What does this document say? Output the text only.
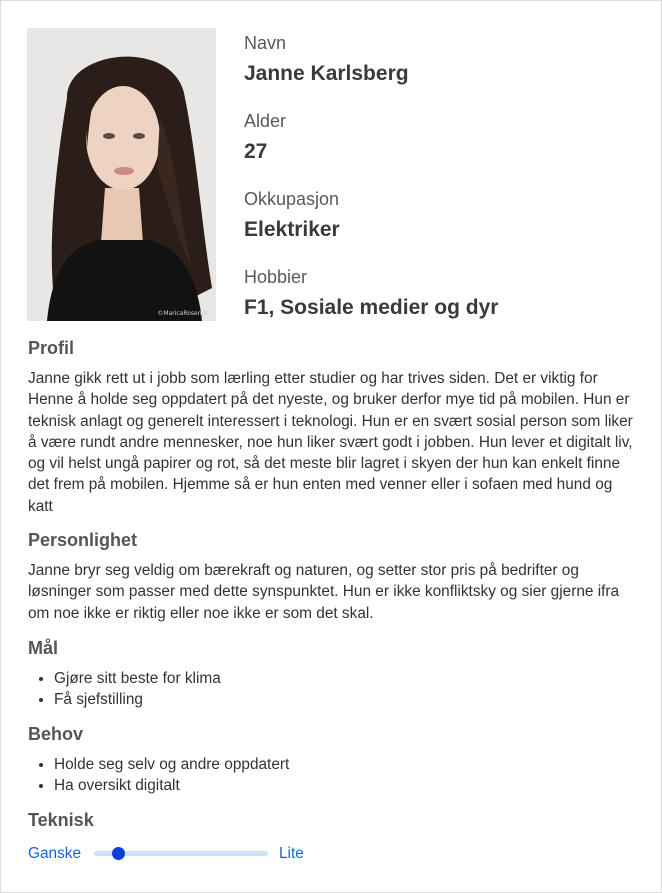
©MaricaRosengr...
Navn
Janne Karlsberg
Alder
27
Okkupasjon
Elektriker
Hobbier
F1, Sosiale medier og dyr
Profil

Janne gikk rett ut i jobb som lærling etter studier og har trives siden. Det er viktig for Henne å holde seg oppdatert på det nyeste, og bruker derfor mye tid på mobilen. Hun er teknisk anlagt og generelt interessert i teknologi. Hun er en svært sosial person som liker å være rundt andre mennesker, noe hun liker svært godt i jobben. Hun lever et digitalt liv, og vil helst ungå papirer og rot, så det meste blir lagret i skyen der hun kan enkelt finne det frem på mobilen. Hjemme så er hun enten med venner eller i sofaen med hund og katt

Personlighet

Janne bryr seg veldig om bærekraft og naturen, og setter stor pris på bedrifter og løsninger som passer med dette synspunktet. Hun er ikke konfliktsky og sier gjerne ifra om noe ikke er riktig eller noe ikke er som det skal.

Mål
• Gjøre sitt beste for klima
• Få sjefstilling
Behov
• Holde seg selv og andre oppdatert
• Ha oversikt digitalt
Teknisk
Ganske	Lite
